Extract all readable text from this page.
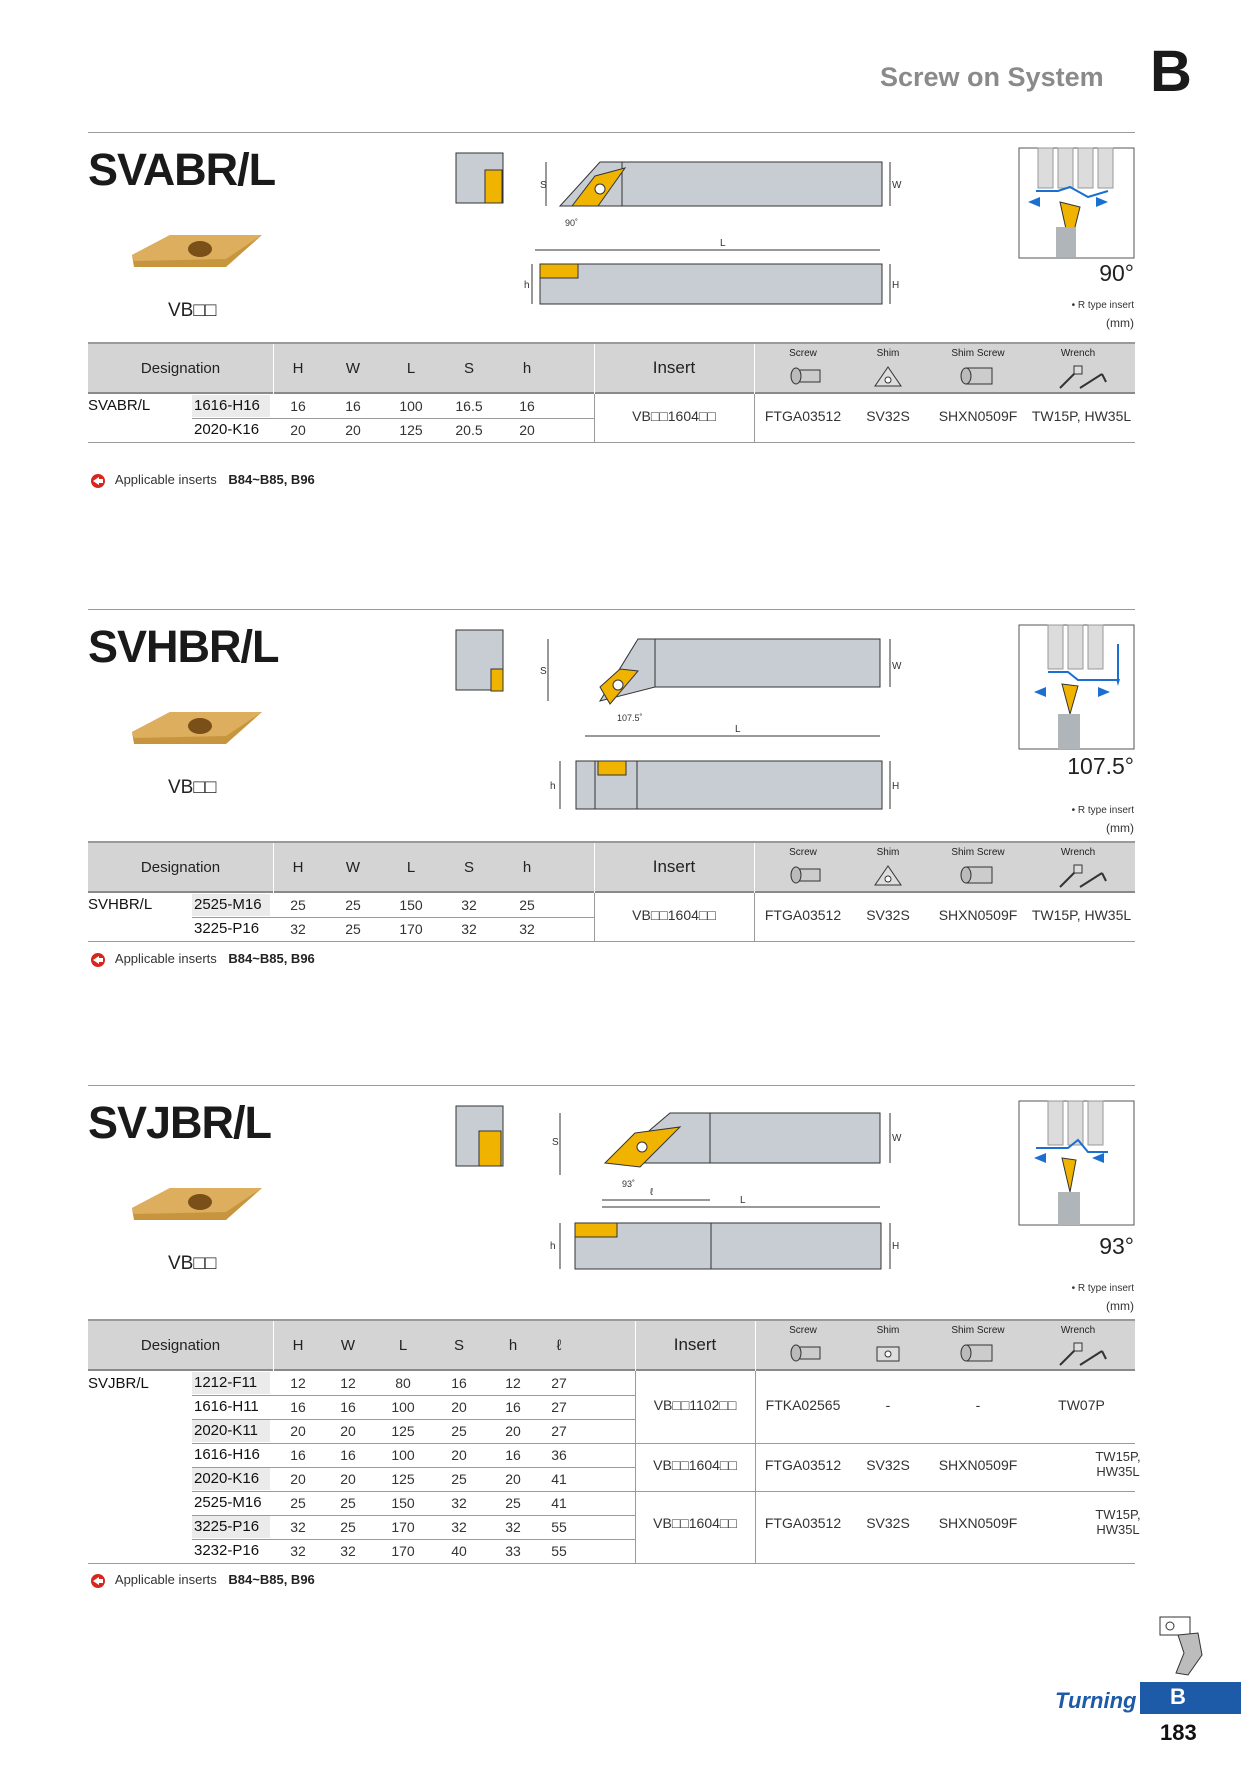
Screw on System B
SVABR/L
VB□□
S	W
L
90˚
h	H	90°
• R type insert
(mm)
Designation	H	W	L	S	h	Insert
Screw	Shim	Shim Screw	Wrench
SVABR/L	1616-H16	16	16	100	16.5	16
2020-K16	20	20	125	20.5	20
VB□□1604□□	FTGA03512	SV32S	SHXN0509F	TW15P, HW35L
Applicable inserts B84~B85, B96
SVHBR/L
VB□□
S	W
L
107.5˚
h	H
107.5°
• R type insert
(mm)
Designation	H	W	L	S	h	Insert
Screw	Shim	Shim Screw	Wrench
SVHBR/L	2525-M16	25	25	150	32	25
3225-P16	32	25	170	32	32
VB□□1604□□	FTGA03512	SV32S	SHXN0509F	TW15P, HW35L
Applicable inserts B84~B85, B96
SVJBR/L
VB□□
S	W
ℓ
L
93˚
h	H	93°
• R type insert
(mm)
Designation	H	W	L	S	h	ℓ	Insert
Screw	Shim	Shim Screw	Wrench
SVJBR/L	1212-F11	12	12	80	16	12	27
1616-H11	16	16	100	20	16	27
2020-K11	20	20	125	25	20	27
1616-H16	16	16	100	20	16	36
2020-K16	20	20	125	25	20	41
2525-M16	25	25	150	32	25	41
3225-P16	32	25	170	32	32	55
3232-P16	32	32	170	40	33	55
VB□□1102□□	FTKA02565	-	-	TW07P
VB□□1604□□	FTGA03512	SV32S	SHXN0509F
TW15P, HW35L
VB□□1604□□	FTGA03512	SV32S	SHXN0509F
TW15P, HW35L
Applicable inserts B84~B85, B96
Turning B
183
